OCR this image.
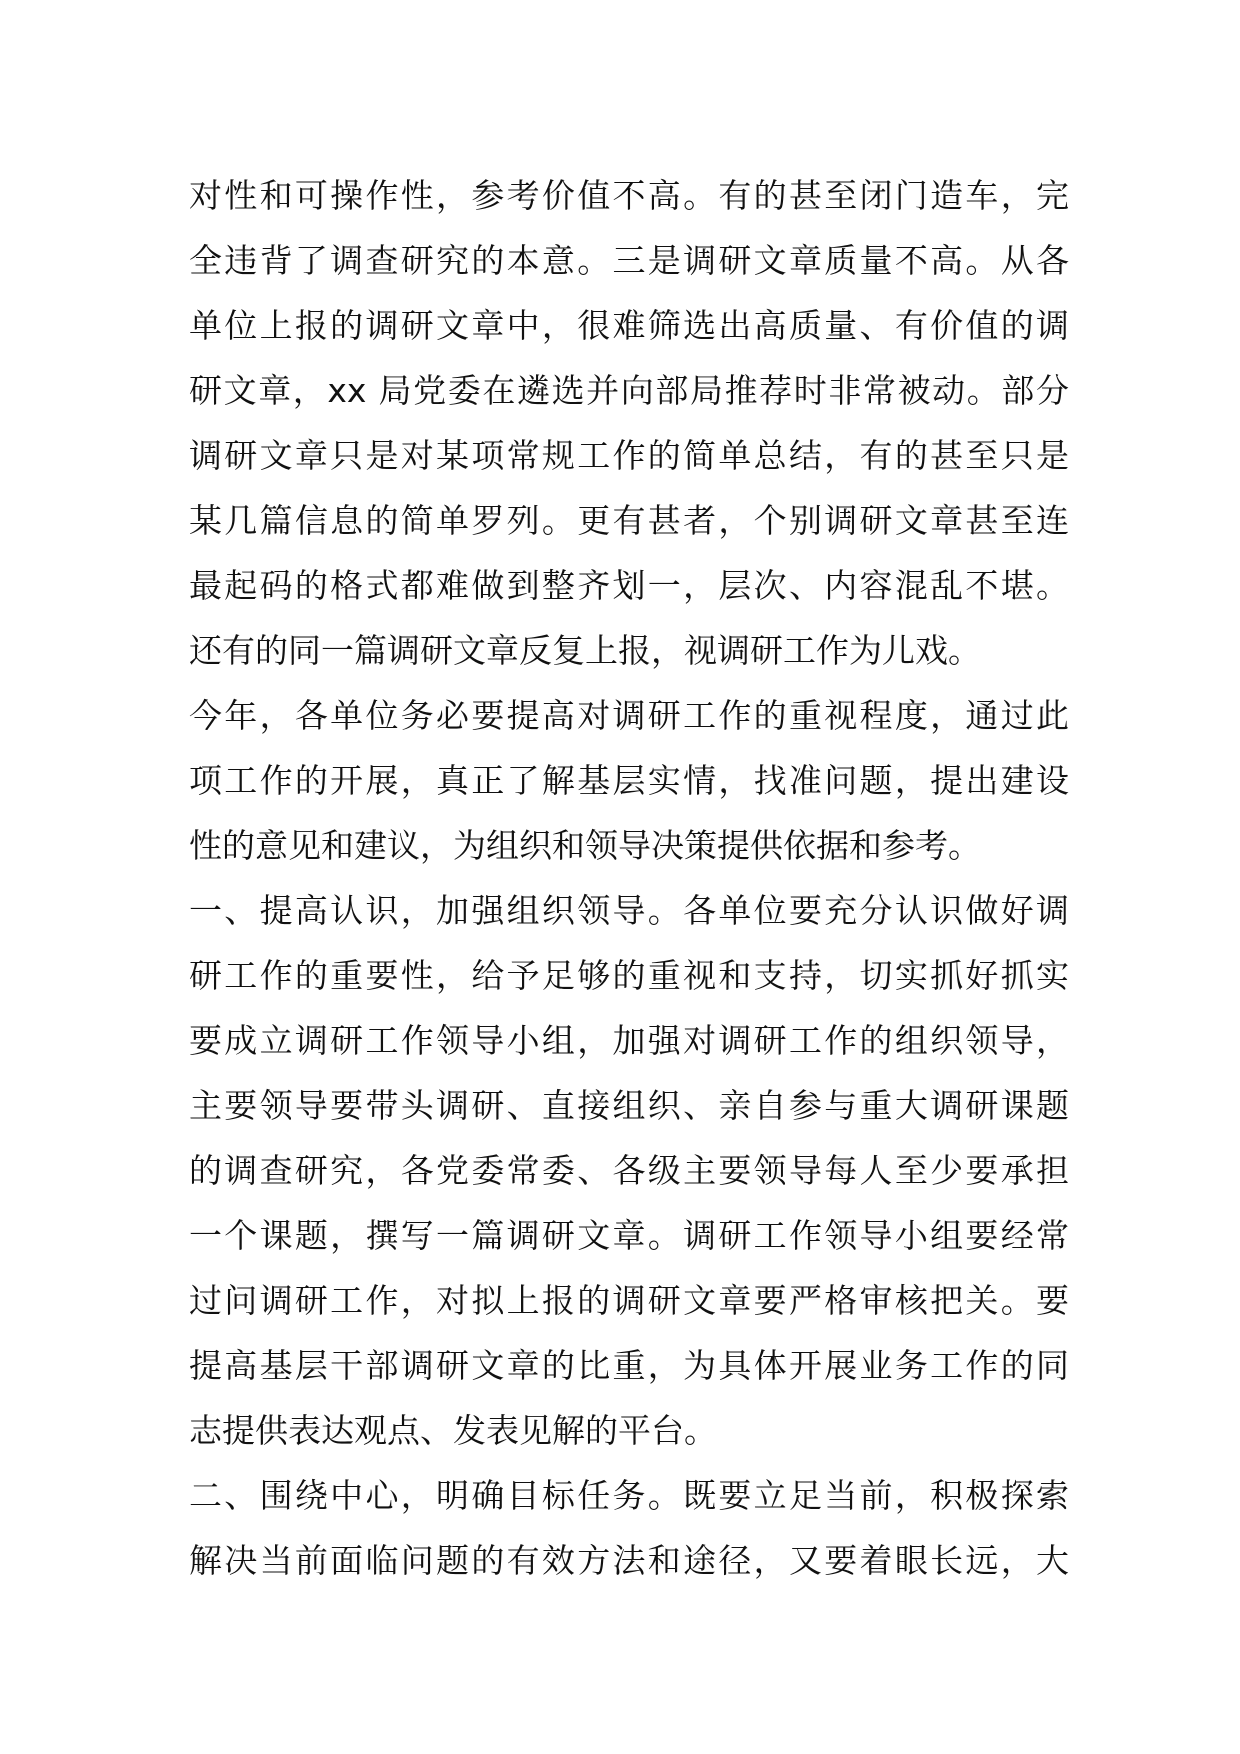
对性和可操作性，参考价值不高。有的甚至闭门造车，完
全违背了调查研究的本意。三是调研文章质量不高。从各
单位上报的调研文章中，很难筛选出高质量、有价值的调
研文章，xx 局党委在遴选并向部局推荐时非常被动。部分
调研文章只是对某项常规工作的简单总结，有的甚至只是
某几篇信息的简单罗列。更有甚者，个别调研文章甚至连
最起码的格式都难做到整齐划一，层次、内容混乱不堪。
还有的同一篇调研文章反复上报，视调研工作为儿戏。
今年，各单位务必要提高对调研工作的重视程度，通过此
项工作的开展，真正了解基层实情，找准问题，提出建设
性的意见和建议，为组织和领导决策提供依据和参考。
一、提高认识，加强组织领导。各单位要充分认识做好调
研工作的重要性，给予足够的重视和支持，切实抓好抓实
要成立调研工作领导小组，加强对调研工作的组织领导，
主要领导要带头调研、直接组织、亲自参与重大调研课题
的调查研究，各党委常委、各级主要领导每人至少要承担
一个课题，撰写一篇调研文章。调研工作领导小组要经常
过问调研工作，对拟上报的调研文章要严格审核把关。要
提高基层干部调研文章的比重，为具体开展业务工作的同
志提供表达观点、发表见解的平台。
二、围绕中心，明确目标任务。既要立足当前，积极探索
解决当前面临问题的有效方法和途径，又要着眼长远，大
